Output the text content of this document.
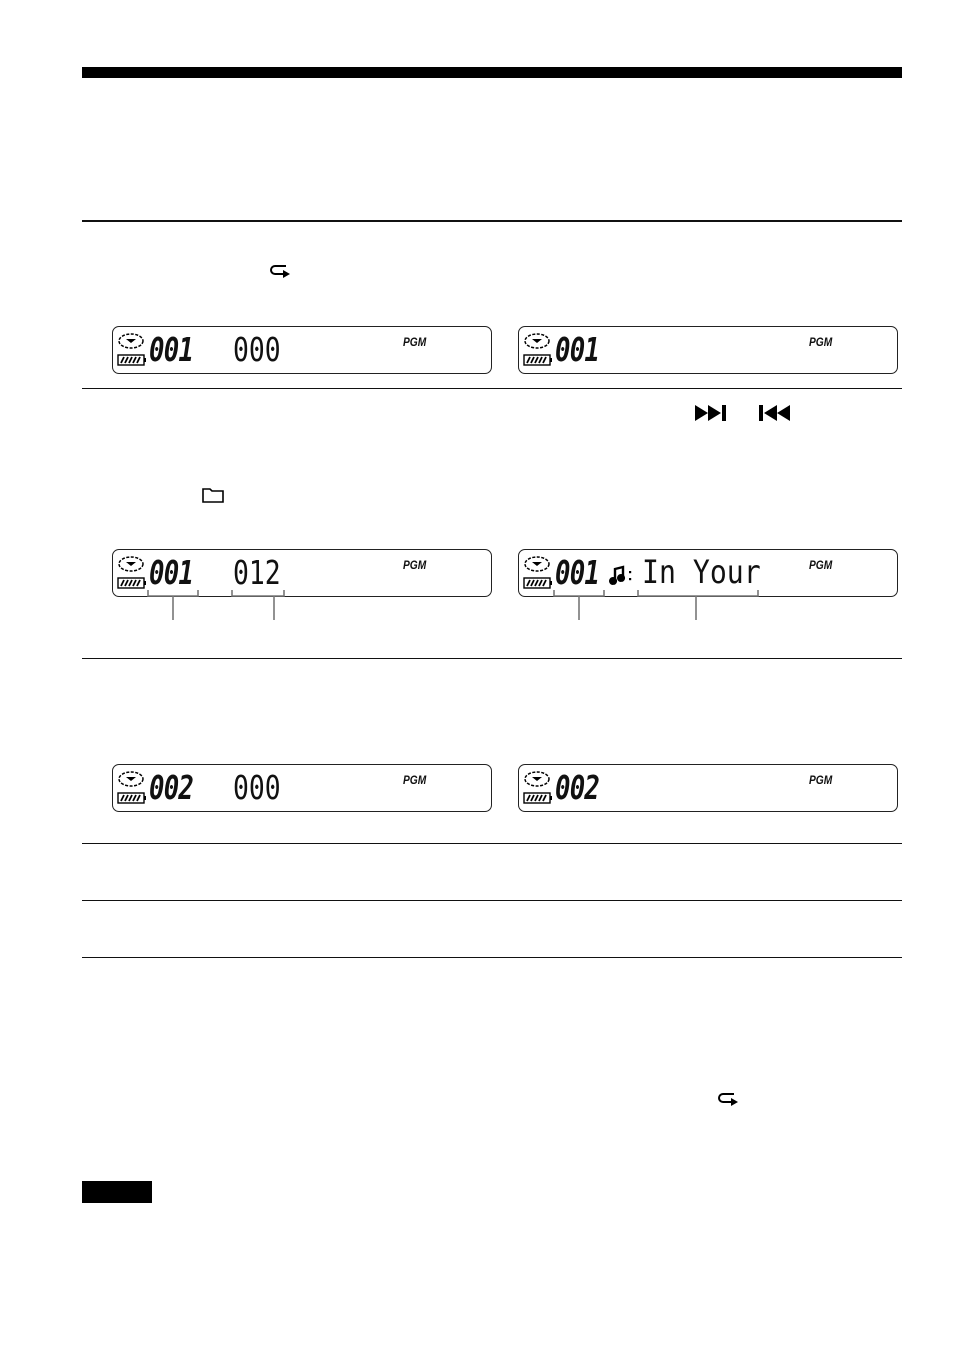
001 000	PGM	001	PGM
001 012	PGM	001 In Your	PGM
002 000	PGM	002	PGM
